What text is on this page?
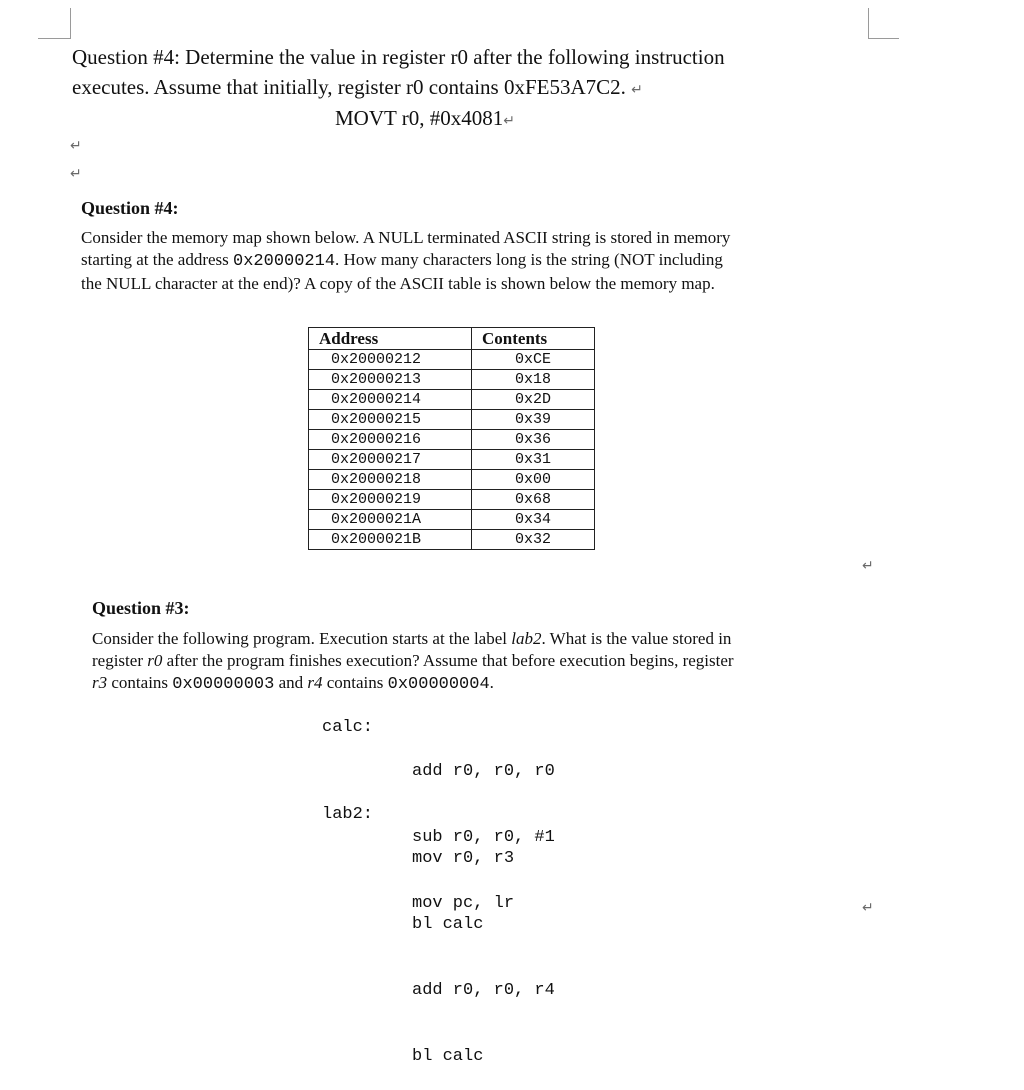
Question #4: Determine the value in register r0 after the following instruction
executes. Assume that initially, register r0 contains 0xFE53A7C2. ↵
MOVT r0, #0x4081↵
↵
↵
Question #4:
Consider the memory map shown below. A NULL terminated ASCII string is stored in memory
starting at the address 0x20000214. How many characters long is the string (NOT including
the NULL character at the end)? A copy of the ASCII table is shown below the memory map.
Address	Contents
0x20000212	0xCE
0x20000213	0x18
0x20000214	0x2D
0x20000215	0x39
0x20000216	0x36
0x20000217	0x31
0x20000218	0x00
0x20000219	0x68
0x2000021A	0x34
0x2000021B	0x32
↵
Question #3:
Consider the following program. Execution starts at the label lab2. What is the value stored in
register r0 after the program finishes execution? Assume that before execution begins, register
r3 contains 0x00000003 and r4 contains 0x00000004.
calc:

add r0, r0, r0

sub r0, r0, #1

mov pc, lr

lab2:

mov r0, r3

bl calc

add r0, r0, r4

bl calc

↵
